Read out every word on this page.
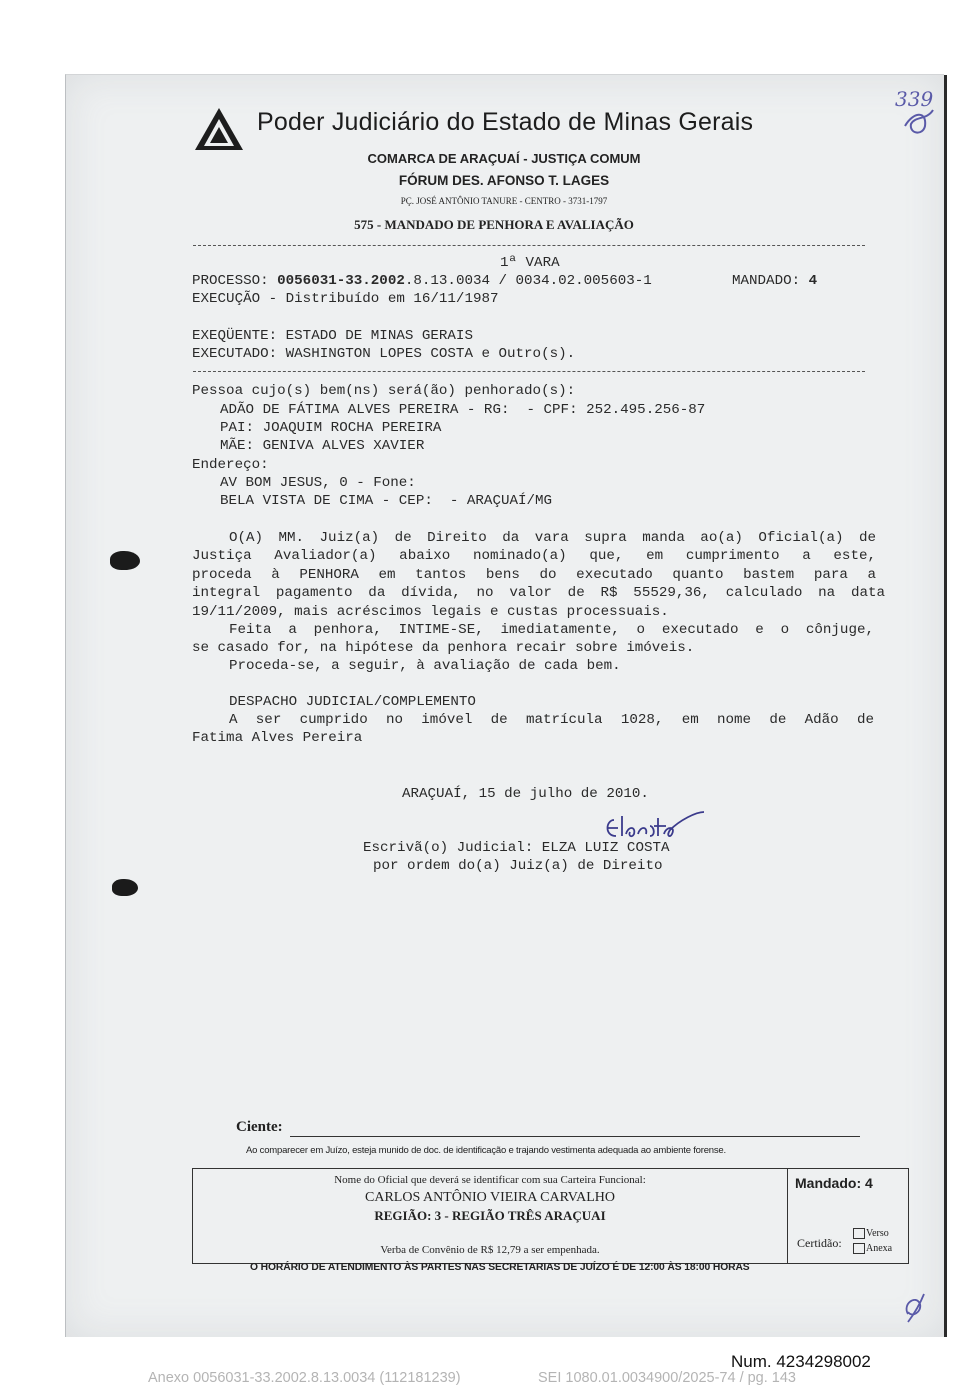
Poder Judiciário do Estado de Minas Gerais
339
COMARCA DE ARAÇUAÍ - JUSTIÇA COMUM
FÓRUM DES. AFONSO T. LAGES
PÇ. JOSÉ ANTÔNIO TANURE - CENTRO - 3731-1797
575 - MANDADO DE PENHORA E AVALIAÇÃO
1ª VARA
PROCESSO: 0056031-33.2002.8.13.0034 / 0034.02.005603-1	MANDADO: 4
EXECUÇÃO - Distribuído em 16/11/1987
EXEQÜENTE: ESTADO DE MINAS GERAIS
EXECUTADO: WASHINGTON LOPES COSTA e Outro(s).
Pessoa cujo(s) bem(ns) será(ão) penhorado(s):
ADÃO DE FÁTIMA ALVES PEREIRA - RG:  - CPF: 252.495.256-87
PAI: JOAQUIM ROCHA PEREIRA
MÃE: GENIVA ALVES XAVIER
Endereço:
AV BOM JESUS, 0 - Fone:
BELA VISTA DE CIMA - CEP:  - ARAÇUAÍ/MG
O(A) MM. Juiz(a) de Direito da vara supra manda ao(a) Oficial(a) de
Justiça Avaliador(a) abaixo nominado(a) que, em cumprimento a este,
proceda à PENHORA em tantos bens do executado quanto bastem para a
integral pagamento da dívida, no valor de R$ 55529,36, calculado na data
19/11/2009, mais acréscimos legais e custas processuais.
Feita a penhora, INTIME-SE, imediatamente, o executado e o cônjuge,
se casado for, na hipótese da penhora recair sobre imóveis.
Proceda-se, a seguir, à avaliação de cada bem.
DESPACHO JUDICIAL/COMPLEMENTO
A ser cumprido no imóvel de matrícula 1028, em nome de Adão de
Fatima Alves Pereira
ARAÇUAÍ, 15 de julho de 2010.
Escrivã(o) Judicial: ELZA LUIZ COSTA
por ordem do(a) Juiz(a) de Direito
Ciente:
Ao comparecer em Juízo, esteja munido de doc. de identificação e trajando vestimenta adequada ao ambiente forense.
Nome do Oficial que deverá se identificar com sua Carteira Funcional:
CARLOS ANTÔNIO VIEIRA CARVALHO
REGIÃO: 3 - REGIÃO TRÊS ARAÇUAI
Verba de Convênio de R$ 12,79 a ser empenhada.
Mandado: 4
Certidão:
Verso
Anexa
O HORÁRIO DE ATENDIMENTO ÀS PARTES NAS SECRETARIAS DE JUÍZO É DE 12:00 ÀS 18:00 HORAS
Num. 4234298002
Anexo 0056031-33.2002.8.13.0034 (112181239)	SEI 1080.01.0034900/2025-74 / pg. 143
